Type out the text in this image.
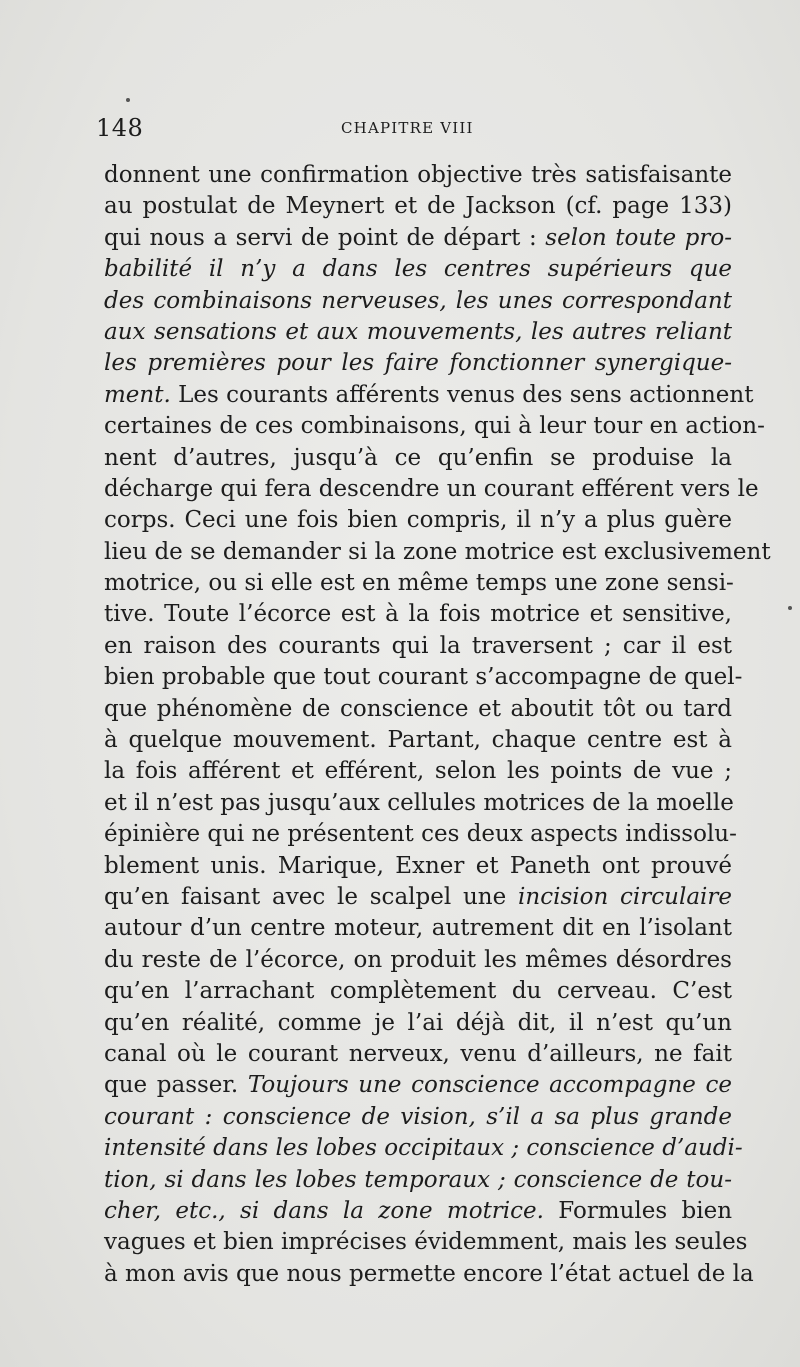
148	CHAPITRE VIII
donnent une confirmation objective très satisfaisante
au postulat de Meynert et de Jackson (cf. page 133)
qui nous a servi de point de départ : selon toute pro-
babilité il n’y a dans les centres supérieurs que
des combinaisons nerveuses, les unes correspondant
aux sensations et aux mouvements, les autres reliant
les premières pour les faire fonctionner synergique-
ment. Les courants afférents venus des sens actionnent
certaines de ces combinaisons, qui à leur tour en action-
nent d’autres, jusqu’à ce qu’enfin se produise la
décharge qui fera descendre un courant efférent vers le
corps. Ceci une fois bien compris, il n’y a plus guère
lieu de se demander si la zone motrice est exclusivement
motrice, ou si elle est en même temps une zone sensi-
tive. Toute l’écorce est à la fois motrice et sensitive,
en raison des courants qui la traversent ; car il est
bien probable que tout courant s’accompagne de quel-
que phénomène de conscience et aboutit tôt ou tard
à quelque mouvement. Partant, chaque centre est à
la fois afférent et efférent, selon les points de vue ;
et il n’est pas jusqu’aux cellules motrices de la moelle
épinière qui ne présentent ces deux aspects indissolu-
blement unis. Marique, Exner et Paneth ont prouvé
qu’en faisant avec le scalpel une incision circulaire
autour d’un centre moteur, autrement dit en l’isolant
du reste de l’écorce, on produit les mêmes désordres
qu’en l’arrachant complètement du cerveau. C’est
qu’en réalité, comme je l’ai déjà dit, il n’est qu’un
canal où le courant nerveux, venu d’ailleurs, ne fait
que passer. Toujours une conscience accompagne ce
courant : conscience de vision, s’il a sa plus grande
intensité dans les lobes occipitaux ; conscience d’audi-
tion, si dans les lobes temporaux ; conscience de tou-
cher, etc., si dans la zone motrice. Formules bien
vagues et bien imprécises évidemment, mais les seules
à mon avis que nous permette encore l’état actuel de la
